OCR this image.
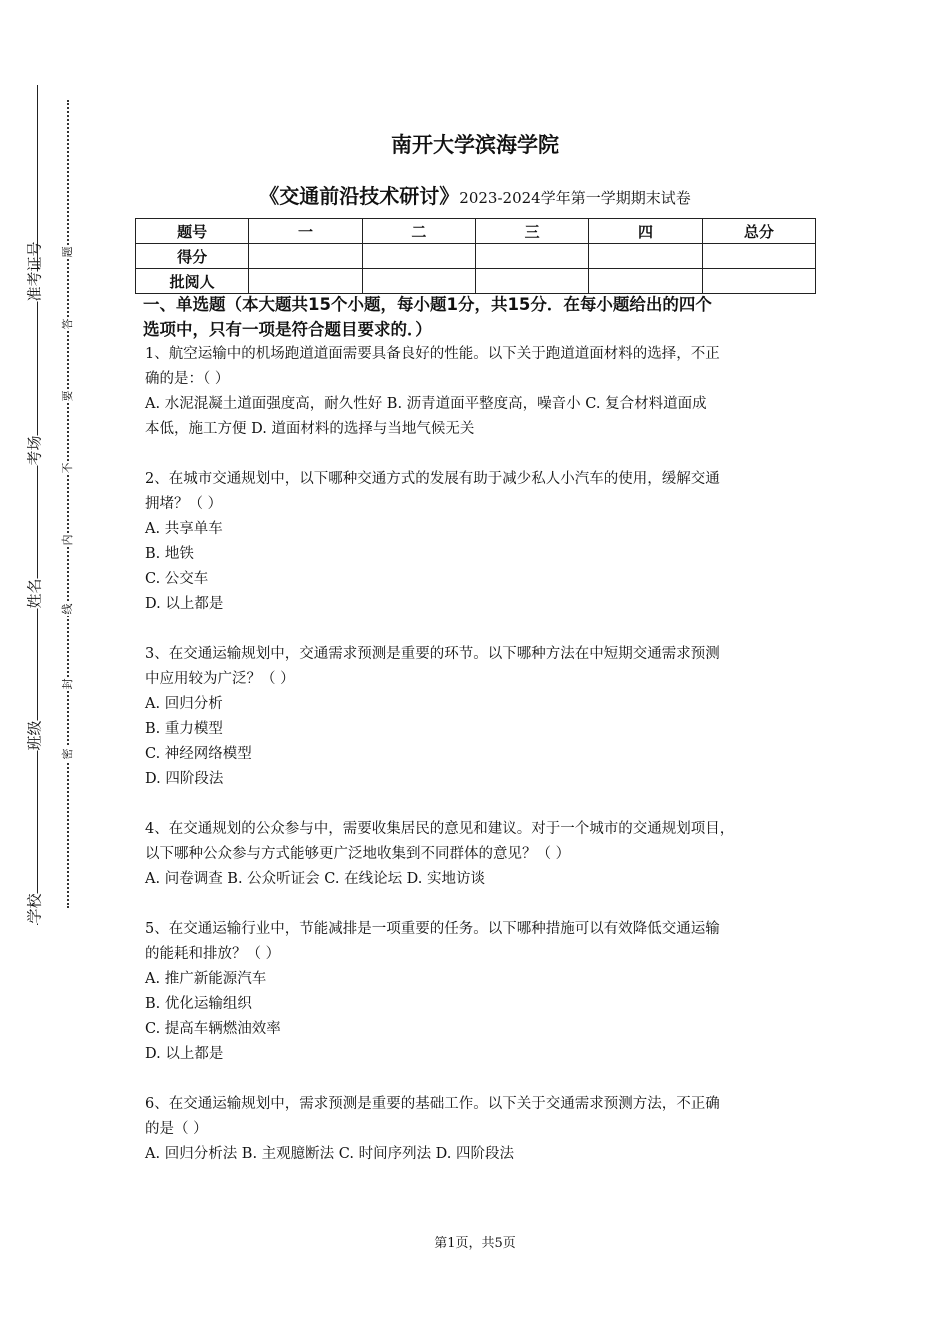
准考证号
考场
姓名
班级
学校
题
答
要
不
内
线
封
密
南开大学滨海学院
《交通前沿技术研讨》2023-2024学年第一学期期末试卷
题号	一	二	三	四	总分
得分					
批阅人					
一、单选题（本大题共15个小题，每小题1分，共15分．在每小题给出的四个
选项中，只有一项是符合题目要求的．）
1、航空运输中的机场跑道道面需要具备良好的性能。以下关于跑道道面材料的选择，不正
确的是：（ ）
A. 水泥混凝土道面强度高，耐久性好 B. 沥青道面平整度高，噪音小 C. 复合材料道面成
本低，施工方便 D. 道面材料的选择与当地气候无关
2、在城市交通规划中，以下哪种交通方式的发展有助于减少私人小汽车的使用，缓解交通
拥堵？（ ）
A. 共享单车
B. 地铁
C. 公交车
D. 以上都是
3、在交通运输规划中，交通需求预测是重要的环节。以下哪种方法在中短期交通需求预测
中应用较为广泛？（ ）
A. 回归分析
B. 重力模型
C. 神经网络模型
D. 四阶段法
4、在交通规划的公众参与中，需要收集居民的意见和建议。对于一个城市的交通规划项目，
以下哪种公众参与方式能够更广泛地收集到不同群体的意见？（ ）
A. 问卷调查 B. 公众听证会 C. 在线论坛 D. 实地访谈
5、在交通运输行业中，节能减排是一项重要的任务。以下哪种措施可以有效降低交通运输
的能耗和排放？（ ）
A. 推广新能源汽车
B. 优化运输组织
C. 提高车辆燃油效率
D. 以上都是
6、在交通运输规划中，需求预测是重要的基础工作。以下关于交通需求预测方法，不正确
的是（ ）
A. 回归分析法 B. 主观臆断法 C. 时间序列法 D. 四阶段法
第1页，共5页
